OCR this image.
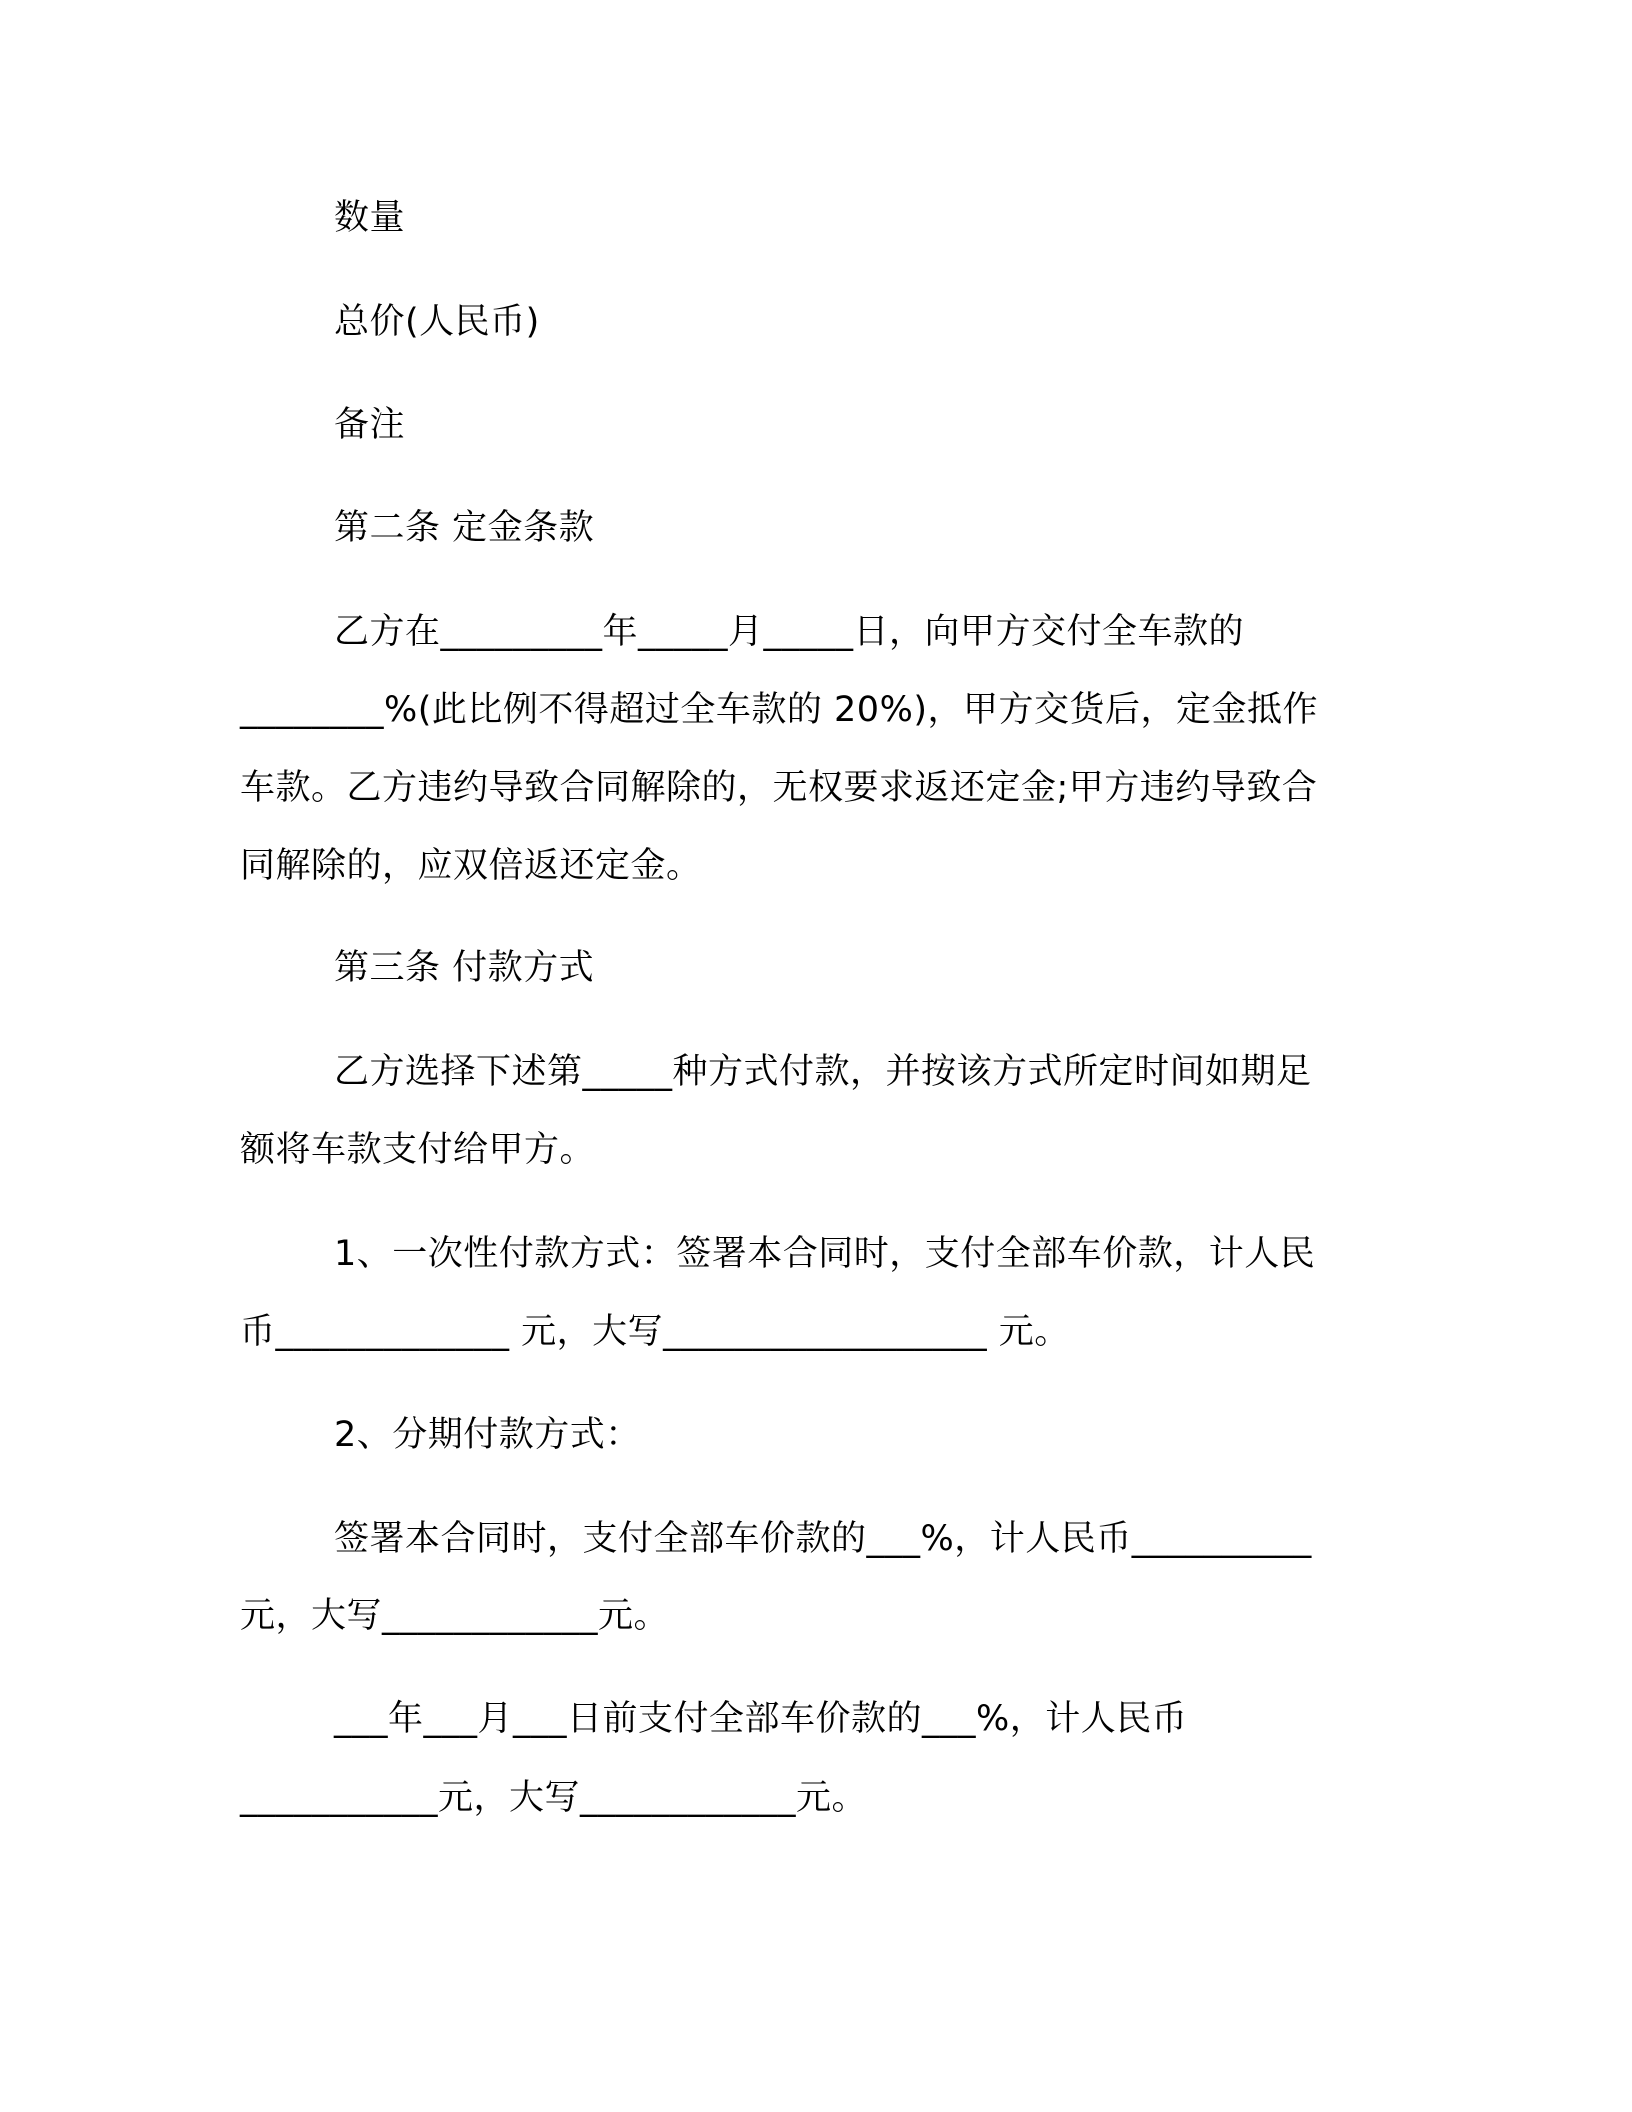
数量

总价(人民币)

备注

第二条 定金条款

乙方在_________年_____月_____日，向甲方交付全车款的

________%(此比例不得超过全车款的 20%)，甲方交货后，定金抵作

车款。乙方违约导致合同解除的，无权要求返还定金;甲方违约导致合

同解除的，应双倍返还定金。

第三条 付款方式

乙方选择下述第_____种方式付款，并按该方式所定时间如期足

额将车款支付给甲方。

1、一次性付款方式：签署本合同时，支付全部车价款，计人民

币_____________ 元，大写__________________ 元。

2、分期付款方式：

签署本合同时，支付全部车价款的___%，计人民币__________

元，大写____________元。

___年___月___日前支付全部车价款的___%，计人民币

___________元，大写____________元。
